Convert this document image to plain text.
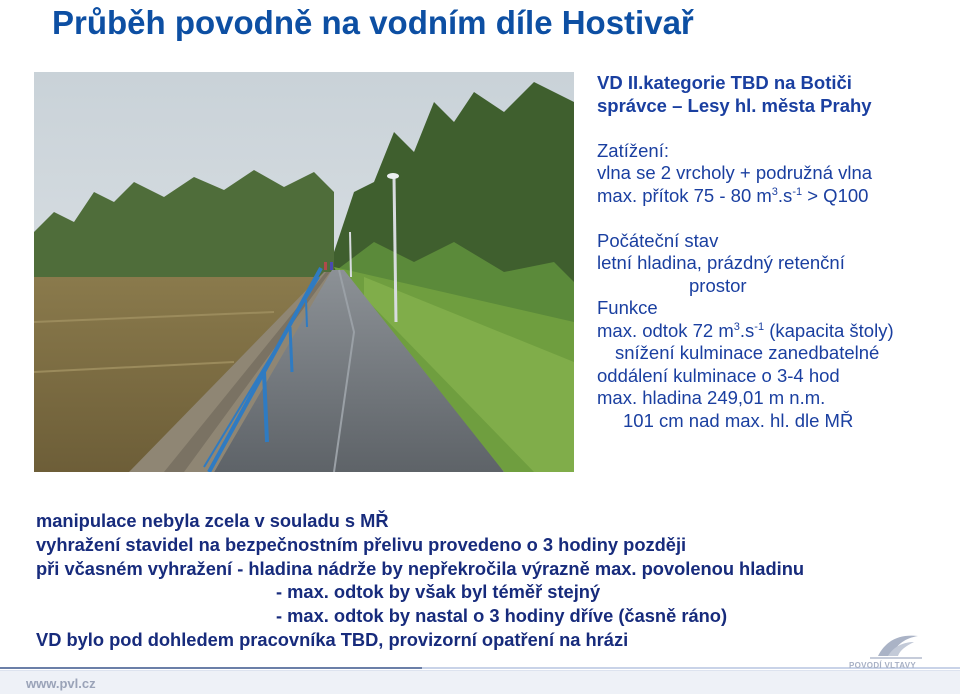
Průběh povodně na vodním díle Hostivař
VD II.kategorie TBD na Botiči
správce – Lesy hl. města Prahy
Zatížení:
vlna se 2 vrcholy + podružná vlna
max. přítok 75 - 80 $m^3.s^{-1} > Q100$
Počáteční stav
letní hladina, prázdný retenční
prostor
Funkce
max. odtok 72 $m^3.s^{-1}$ (kapacita štoly)
snížení kulminace zanedbatelné
oddálení kulminace o 3-4 hod
max. hladina 249,01 m n.m.
101 cm nad max. hl. dle MŘ
manipulace nebyla zcela v souladu s MŘ
vyhražení stavidel na bezpečnostním přelivu provedeno o 3 hodiny později
při včasném vyhražení - hladina nádrže by nepřekročila výrazně max. povolenou hladinu
- max. odtok by však byl téměř stejný
- max. odtok by nastal o 3 hodiny dříve (časně ráno)
VD bylo pod dohledem pracovníka TBD, provizorní opatření na hrázi
www.pvl.cz
POVODÍ VLTAVY
